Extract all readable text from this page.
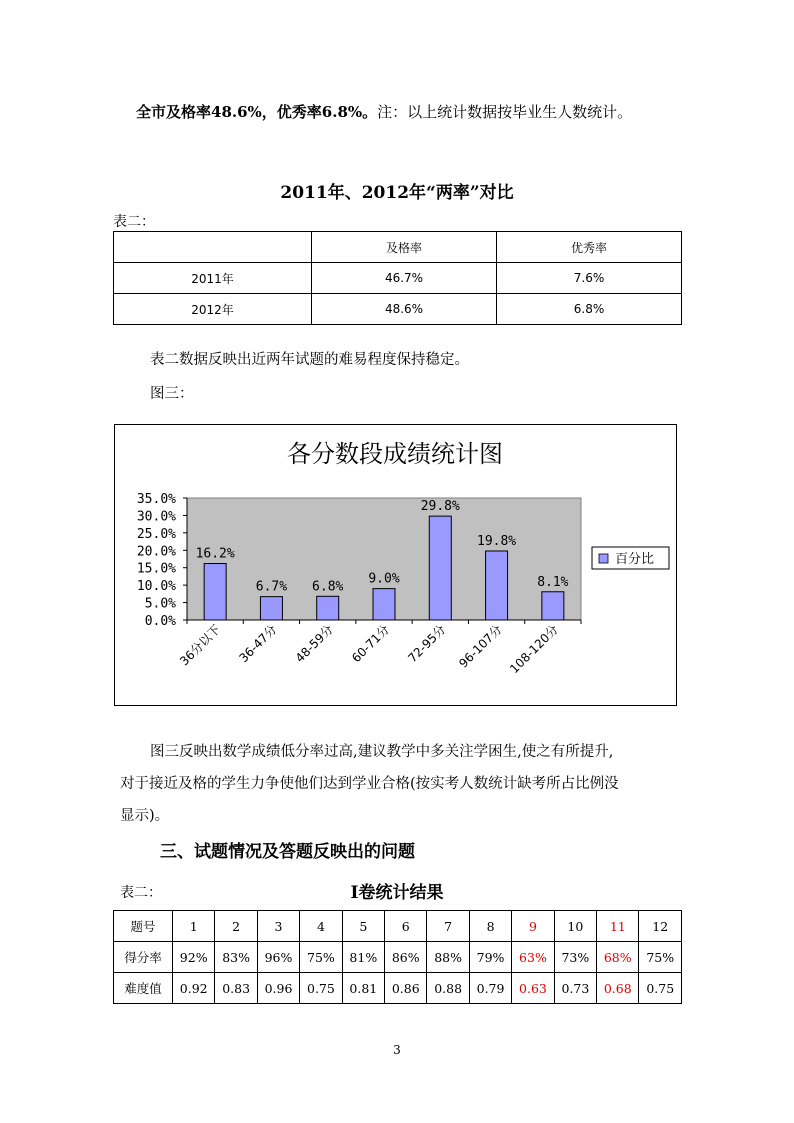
全市及格率48.6%，优秀率6.8%。注：以上统计数据按毕业生人数统计。
2011年、2012年“两率”对比
表二：
	及格率	优秀率
2011年	46.7%	7.6%
2012年	48.6%	6.8%
表二数据反映出近两年试题的难易程度保持稳定。
图三：
各分数段成绩统计图
0.0%
5.0%
10.0%
15.0%
20.0%
25.0%
30.0%
35.0%
16.2%
36分以下
6.7%
36-47分
6.8%
48-59分
9.0%
60-71分
29.8%
72-95分
19.8%
96-107分
8.1%
108-120分
百分比
图三反映出数学成绩低分率过高,建议教学中多关注学困生,使之有所提升,
对于接近及格的学生力争使他们达到学业合格(按实考人数统计缺考所占比例没
显示)。
三、试题情况及答题反映出的问题
表二：	I卷统计结果
题号	1	2	3	4	5	6	7	8	9	10	11	12
得分率	92%	83%	96%	75%	81%	86%	88%	79%	63%	73%	68%	75%
难度值	0.92	0.83	0.96	0.75	0.81	0.86	0.88	0.79	0.63	0.73	0.68	0.75
3
